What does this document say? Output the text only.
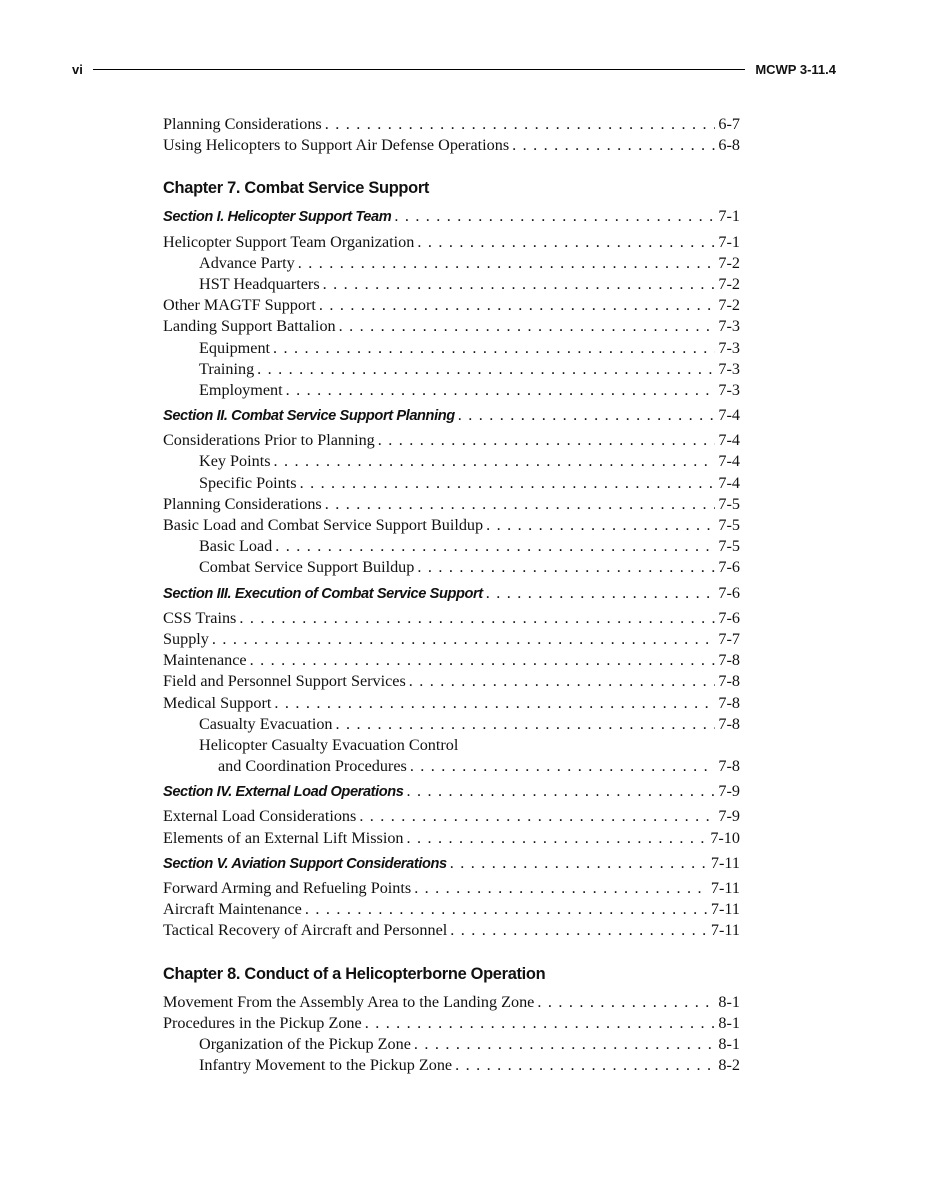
vi	MCWP 3-11.4
Planning Considerations . . .	6-7
Using Helicopters to Support Air Defense Operations . . .	6-8
Chapter 7. Combat Service Support
Section I. Helicopter Support Team . . .	7-1
Helicopter Support Team Organization . . .	7-1
Advance Party . . .	7-2
HST Headquarters . . .	7-2
Other MAGTF Support . . .	7-2
Landing Support Battalion . . .	7-3
Equipment . . .	7-3
Training . . .	7-3
Employment . . .	7-3
Section II. Combat Service Support Planning . . .	7-4
Considerations Prior to Planning . . .	7-4
Key Points . . .	7-4
Specific Points . . .	7-4
Planning Considerations . . .	7-5
Basic Load and Combat Service Support Buildup . . .	7-5
Basic Load . . .	7-5
Combat Service Support Buildup . . .	7-6
Section III. Execution of Combat Service Support . . .	7-6
CSS Trains . . .	7-6
Supply . . .	7-7
Maintenance . . .	7-8
Field and Personnel Support Services . . .	7-8
Medical Support . . .	7-8
Casualty Evacuation . . .	7-8
Helicopter Casualty Evacuation Control
and Coordination Procedures . . .	7-8
Section IV. External Load Operations . . .	7-9
External Load Considerations . . .	7-9
Elements of an External Lift Mission . . .	7-10
Section V. Aviation Support Considerations . . .	7-11
Forward Arming and Refueling Points . . .	7-11
Aircraft Maintenance . . .	7-11
Tactical Recovery of Aircraft and Personnel . . .	7-11
Chapter 8. Conduct of a Helicopterborne Operation
Movement From the Assembly Area to the Landing Zone . . .	8-1
Procedures in the Pickup Zone . . .	8-1
Organization of the Pickup Zone . . .	8-1
Infantry Movement to the Pickup Zone . . .	8-2
